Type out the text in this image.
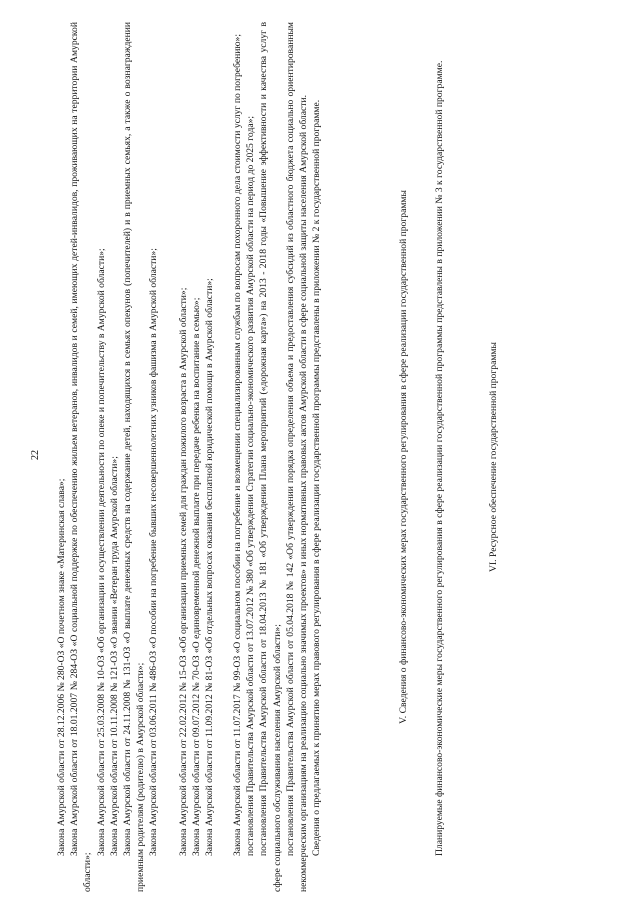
22

Закона Амурской области от 28.12.2006 № 280-ОЗ «О почетном знаке «Материнская слава»; Закона Амурской области от 18.01.2007 № 284-ОЗ «О социальной поддержке по обеспечению жильем ветеранов, инвалидов и семей, имеющих детей-инвалидов, проживающих на территории Амурской области»;

Закона Амурской области от 25.03.2008 № 10-ОЗ «Об организации и осуществлении деятельности по опеке и попечительству в Амурской области»; Закона Амурской области от 10.11.2008 № 121-ОЗ «О звании «Ветеран труда Амурской области»; Закона Амурской области от 24.11.2008 № 131-ОЗ «О выплате денежных средств на содержание детей, находящихся в семьях опекунов (попечителей) и в приемных семьях, а также о вознаграждении приемным родителям (родителю) в Амурской области»; Закона Амурской области от 03.06.2011 № 486-ОЗ «О пособии на погребение бывших несовершеннолетних узников фашизма в Амурской области»; Закона Амурской области от 22.02.2012 № 15-ОЗ «Об организации приемных семей для граждан пожилого возраста в Амурской области»; Закона Амурской области от 09.07.2012 № 70-ОЗ «О единовременной денежной выплате при передаче ребенка на воспитание в семью»; Закона Амурской области от 11.09.2012 № 81-ОЗ «Об отдельных вопросах оказания бесплатной юридической помощи в Амурской области»; Закона Амурской области от 11.07.2017 № 99-ОЗ «О социальном пособии на погребение и возмещении специализированным службам по вопросам похоронного дела стоимости услуг по погребению»; постановления Правительства Амурской области от 13.07.2012 № 380 «Об утверждении Стратегии социально-экономического развития Амурской области на период до 2025 года»; постановления Правительства Амурской области от 18.04.2013 № 181 «Об утверждении Плана мероприятий («дорожная карта») на 2013 - 2018 годы «Повышение эффективности и качества услуг в сфере социального обслуживания населения Амурской области»; постановления Правительства Амурской области от 05.04.2018 № 142 «Об утверждении порядка определения объема и предоставления субсидий из областного бюджета социально ориентированным некоммерческим организациям на реализацию социально значимых проектов» и иных нормативных правовых актов Амурской области в сфере социальной защиты населения Амурской области. Сведения о предлагаемых к принятию мерах правового регулирования в сфере реализации государственной программы представлены в приложении № 2 к государственной программе.	V. Сведения о финансово-экономических мерах государственного регулирования в сфере реализации государственной программы	Планируемые финансово-экономические меры государственного регулирования в сфере реализации государственной программы представлены в приложении № 3 к государственной программе.	VI. Ресурсное обеспечение государственной программы
